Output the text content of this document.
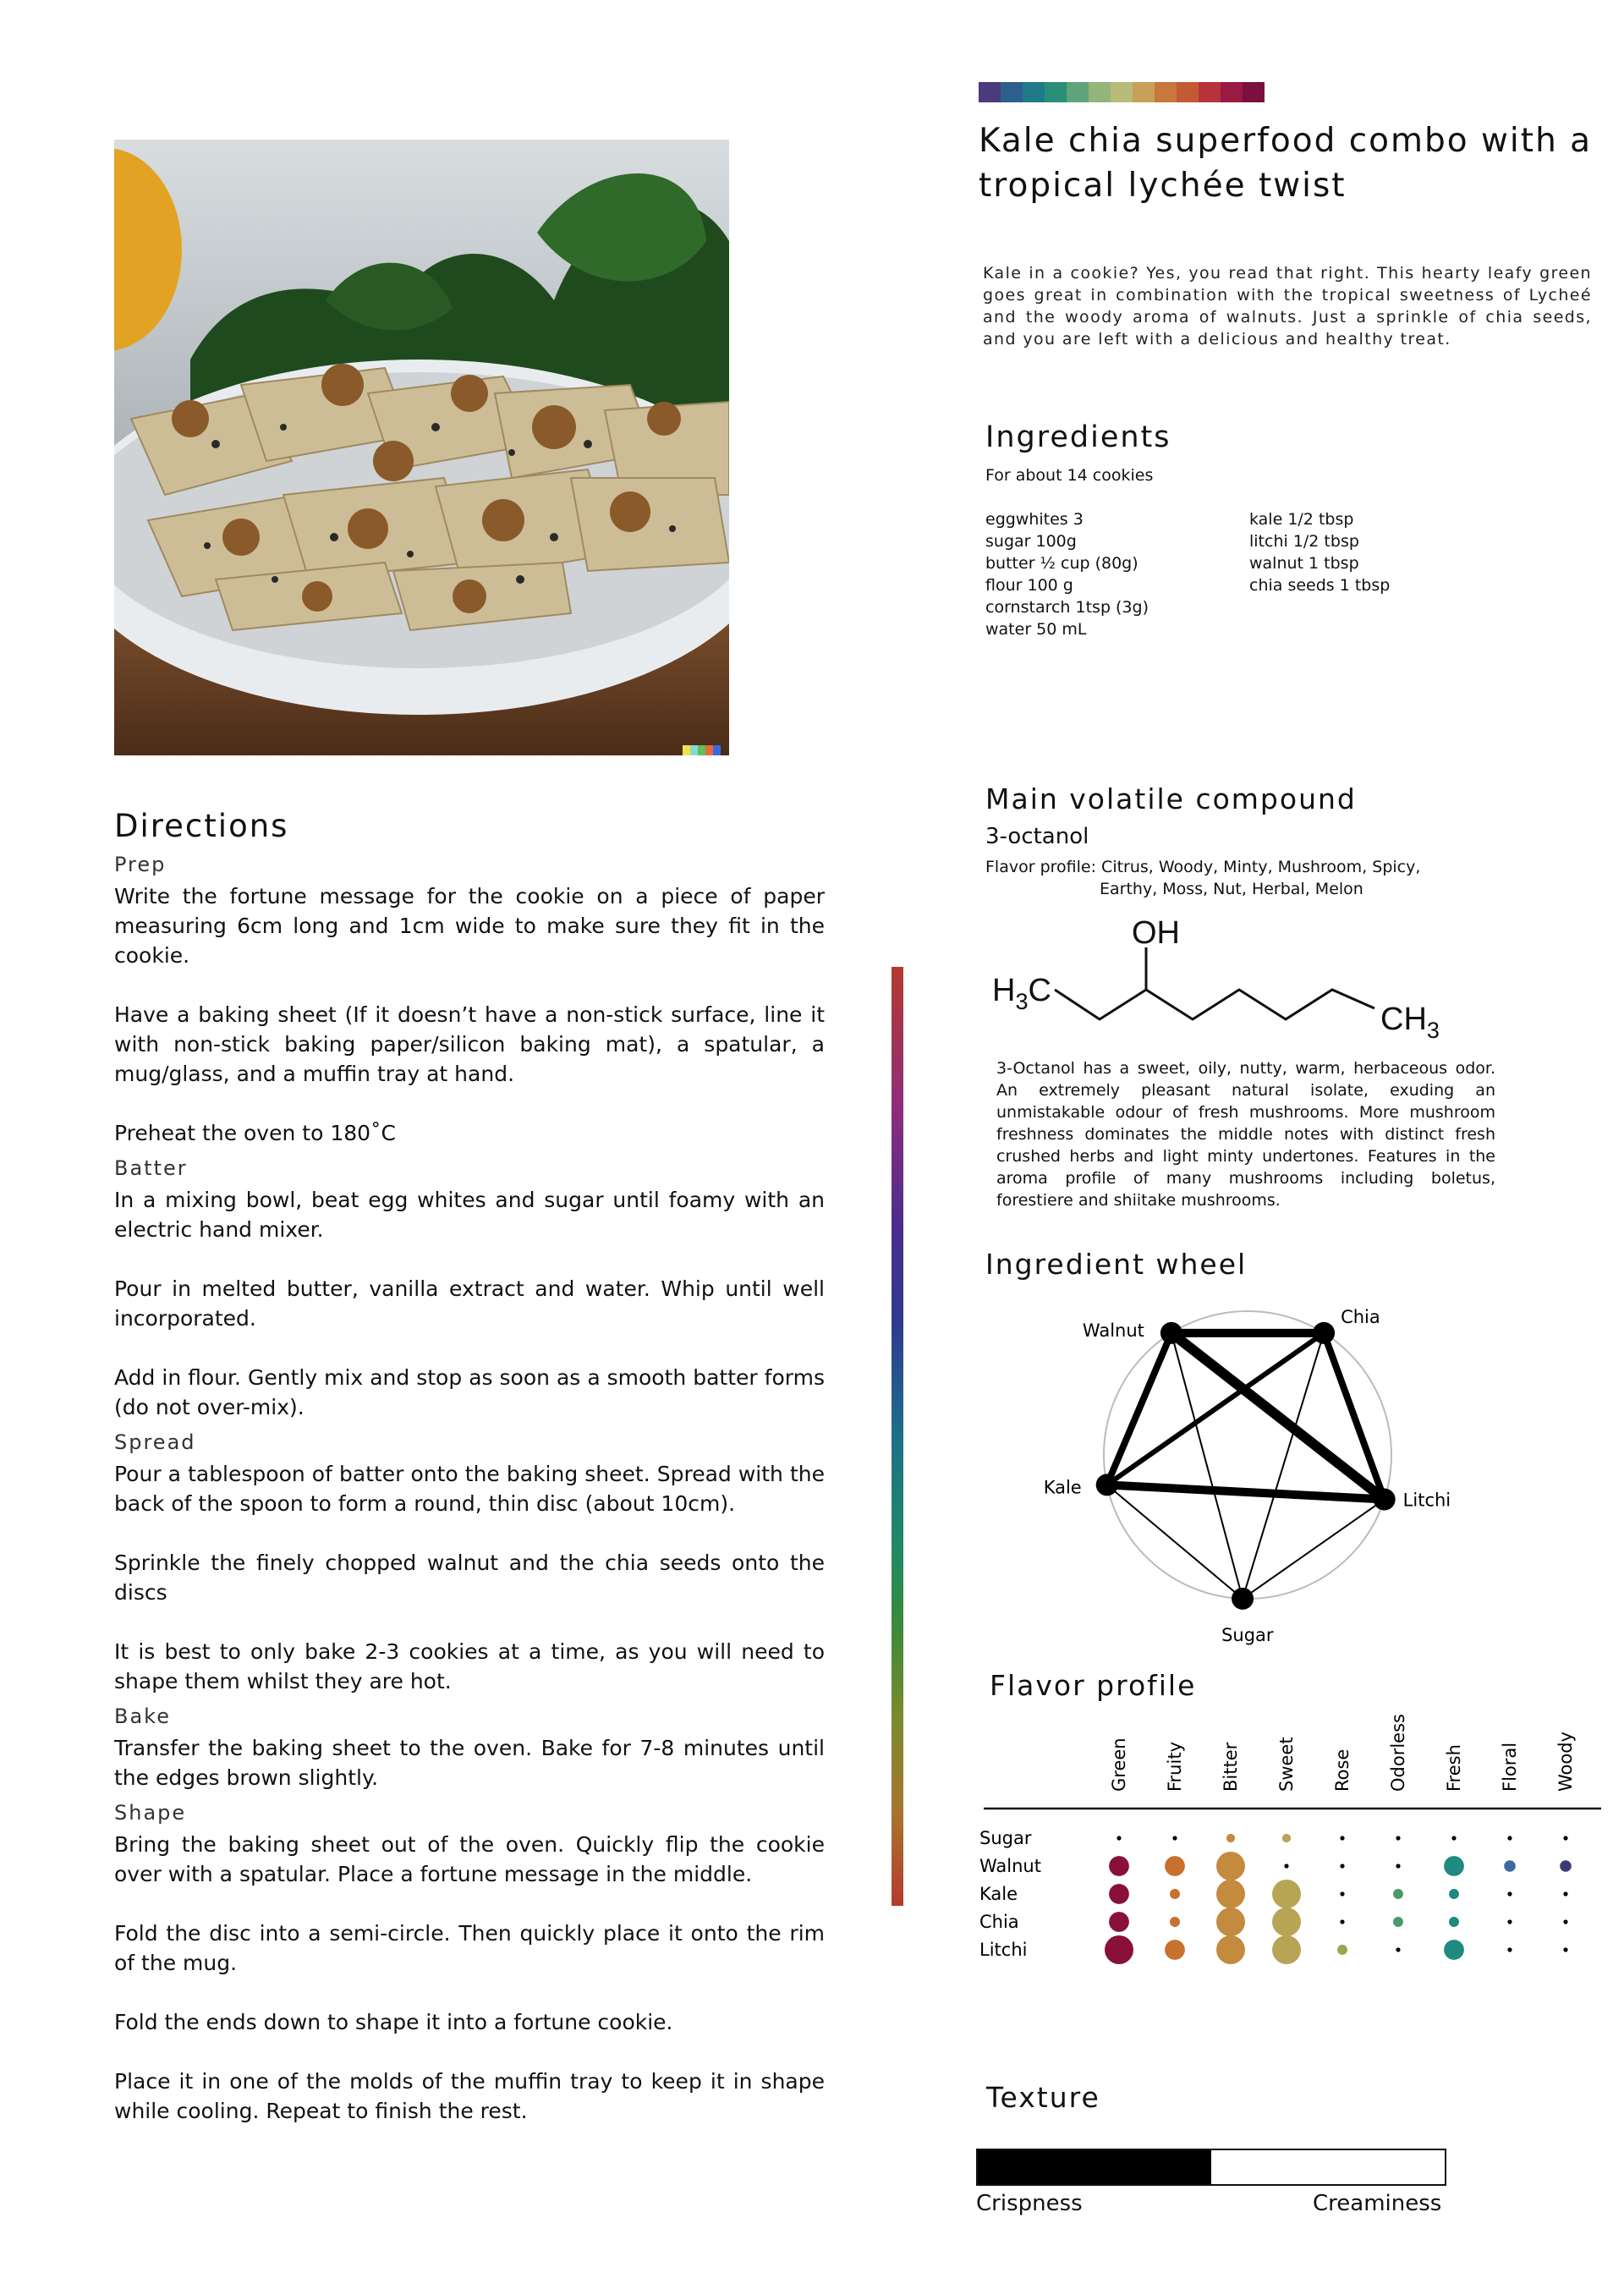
Kale chia superfood combo with a tropical lychée twist

Kale in a cookie? Yes, you read that right. This hearty leafy green goes great in combination with the tropical sweetness of Lycheé and the woody aroma of walnuts. Just a sprinkle of chia seeds, and you are left with a delicious and healthy treat.

Ingredients
For about 14 cookies
eggwhites 3
sugar 100g
butter ½ cup (80g)
flour 100 g
cornstarch 1tsp (3g)
water 50 mL
kale 1/2 tbsp
litchi 1/2 tbsp
walnut 1 tbsp
chia seeds 1 tbsp
Directions
Prep

Write the fortune message for the cookie on a piece of paper measuring 6cm long and 1cm wide to make sure they fit in the cookie.

Have a baking sheet (If it doesn’t have a non-stick surface, line it with non-stick baking paper/silicon baking mat), a spatular, a mug/glass, and a muffin tray at hand.

Preheat the oven to 180˚C

Batter

In a mixing bowl, beat egg whites and sugar until foamy with an electric hand mixer.

Pour in melted butter, vanilla extract and water. Whip until well incorporated.

Add in flour. Gently mix and stop as soon as a smooth batter forms (do not over-mix).

Spread

Pour a tablespoon of batter onto the baking sheet. Spread with the back of the spoon to form a round, thin disc (about 10cm).

Sprinkle the finely chopped walnut and the chia seeds onto the discs

It is best to only bake 2-3 cookies at a time, as you will need to shape them whilst they are hot.

Bake

Transfer the baking sheet to the oven. Bake for 7-8 minutes until the edges brown slightly.

Shape

Bring the baking sheet out of the oven. Quickly flip the cookie over with a spatular. Place a fortune message in the middle.

Fold the disc into a semi-circle. Then quickly place it onto the rim of the mug.

Fold the ends down to shape it into a fortune cookie.

Place it in one of the molds of the muffin tray to keep it in shape while cooling. Repeat to finish the rest.

Main volatile compound
3-octanol
Flavor profile: Citrus, Woody, Minty, Mushroom, Spicy,
Earthy, Moss, Nut, Herbal, Melon
OH
$H_3C$
$CH_3$

3-Octanol has a sweet, oily, nutty, warm, herbaceous odor. An extremely pleasant natural isolate, exuding an unmistakable odour of fresh mushrooms. More mushroom freshness dominates the middle notes with distinct fresh crushed herbs and light minty undertones. Features in the aroma profile of many mushrooms including boletus, forestiere and shiitake mushrooms.

Ingredient wheel
Walnut
Chia
Litchi
Sugar
Kale
Flavor profile
Green Fruity Bitter Sweet Rose Odorless Fresh Floral Woody
Sugar
Walnut
Kale
Chia
Litchi
Texture
Crispness	Creaminess
